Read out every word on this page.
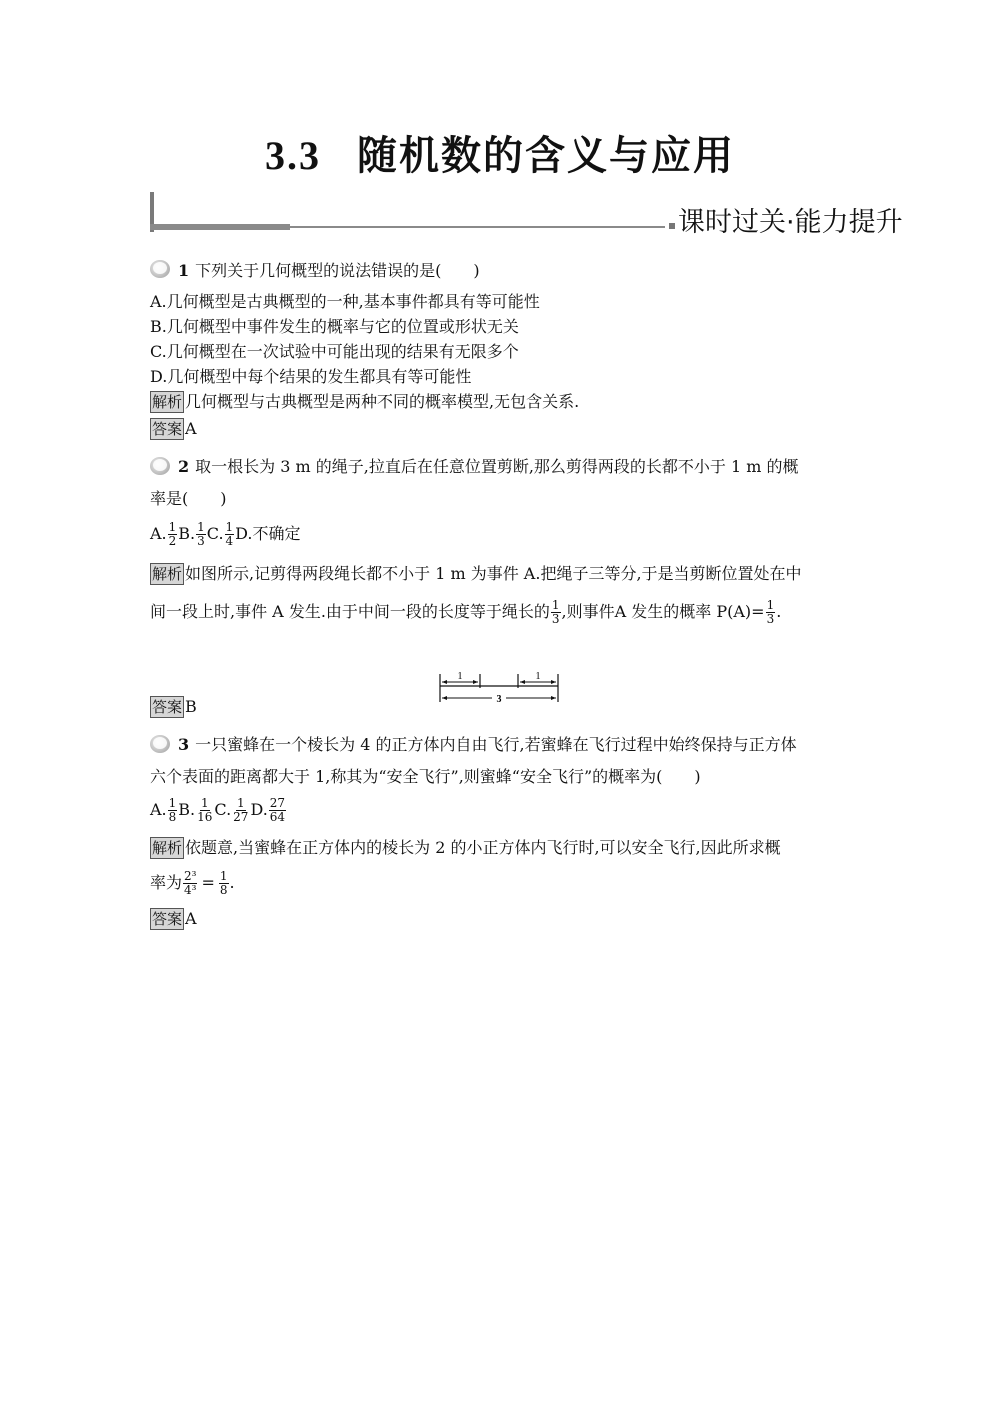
3.3 随机数的含义与应用
课时过关·能力提升
1 下列关于几何概型的说法错误的是(　　)

A.几何概型是古典概型的一种,基本事件都具有等可能性

B.几何概型中事件发生的概率与它的位置或形状无关

C.几何概型在一次试验中可能出现的结果有无限多个

D.几何概型中每个结果的发生都具有等可能性

解析 几何概型与古典概型是两种不同的概率模型,无包含关系.
答案 A
2 取一根长为 3 m 的绳子,拉直后在任意位置剪断,那么剪得两段的长都不小于 1 m 的概
率是(　　)
A. $\frac{1}{2} B$. $\frac{1}{3} C$. $\frac{1}{4} D$.不确定
解析 如图所示,记剪得两段绳长都不小于 1 m 为事件 A.把绳子三等分,于是当剪断位置处在中
间一段上时,事件 A 发生.由于中间一段的长度等于绳长的 $\frac{1}{3}$ ,则事件A 发生的概率 $P(A)= \frac{1}{3}$ .
答案 B
3 一只蜜蜂在一个棱长为 4 的正方体内自由飞行,若蜜蜂在飞行过程中始终保持与正方体
六个表面的距离都大于 1,称其为“安全飞行”,则蜜蜂“安全飞行”的概率为(　　)
A. $\frac{1}{8} B$. $\frac{1}{16} C$. $\frac{1}{27} D$. $\frac{27}{64}$
解析 依题意,当蜜蜂在正方体内的棱长为 2 的小正方体内飞行时,可以安全飞行,因此所求概
率为 $\frac{\text{2³}}{\text{4³}} = \frac{1}{8}$ .
答案 A
1	1
3
